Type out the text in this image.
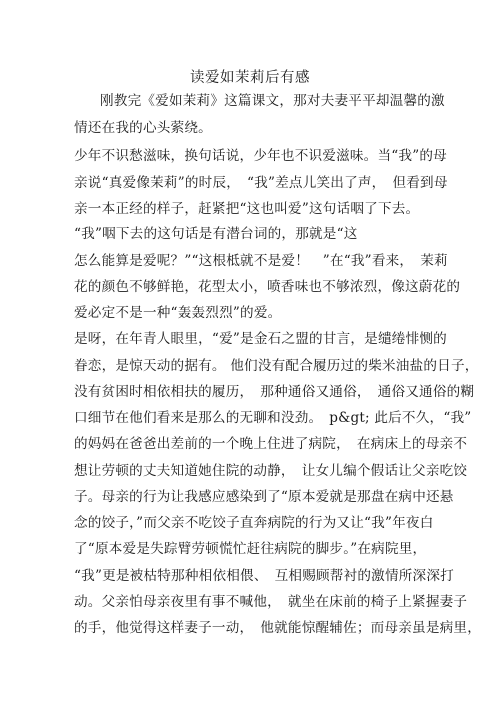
读爱如茉莉后有感
刚教完《爱如茉莉》这篇课文，那对夫妻平平却温馨的激
情还在我的心头萦绕。
少年不识愁滋味，换句话说，少年也不识爱滋味。当“我”的母
亲说“真爱像茉莉”的时辰，　“我”差点儿笑出了声，　但看到母
亲一本正经的样子，赶紧把“这也叫爱”这句话咽了下去。
“我”咽下去的这句话是有潜台词的，那就是“这
怎么能算是爱呢？”“这根柢就不是爱！　”在“我”看来，　茉莉
花的颜色不够鲜艳，花型太小，喷香味也不够浓烈，像这蔚花的
爱必定不是一种“轰轰烈烈”的爱。
是呀，在年青人眼里，“爱”是金石之盟的甘言，是缱绻悱恻的
眷恋，是惊天动的据有。 他们没有配合履历过的柴米油盐的日子，
没有贫困时相依相扶的履历，　那种通俗又通俗，　通俗又通俗的糊
口细节在他们看来是那么的无聊和没劲。　p&gt; 此后不久，“我”
的妈妈在爸爸出差前的一个晚上住进了病院，　在病床上的母亲不
想让劳顿的丈夫知道她住院的动静，　让女儿编个假话让父亲吃饺
子。母亲的行为让我感应感染到了“原本爱就是那盘在病中还悬
念的饺子，”而父亲不吃饺子直奔病院的行为又让“我”年夜白
了“原本爱是失踪臂劳顿慌忙赶往病院的脚步。”在病院里，
“我”更是被枯特那种相依相偎、　互相赐顾帮衬的激情所深深打
动。父亲怕母亲夜里有事不喊他，　就坐在床前的椅子上紧握妻子
的手，他觉得这样妻子一动，　他就能惊醒辅佐；而母亲虽是病里，
